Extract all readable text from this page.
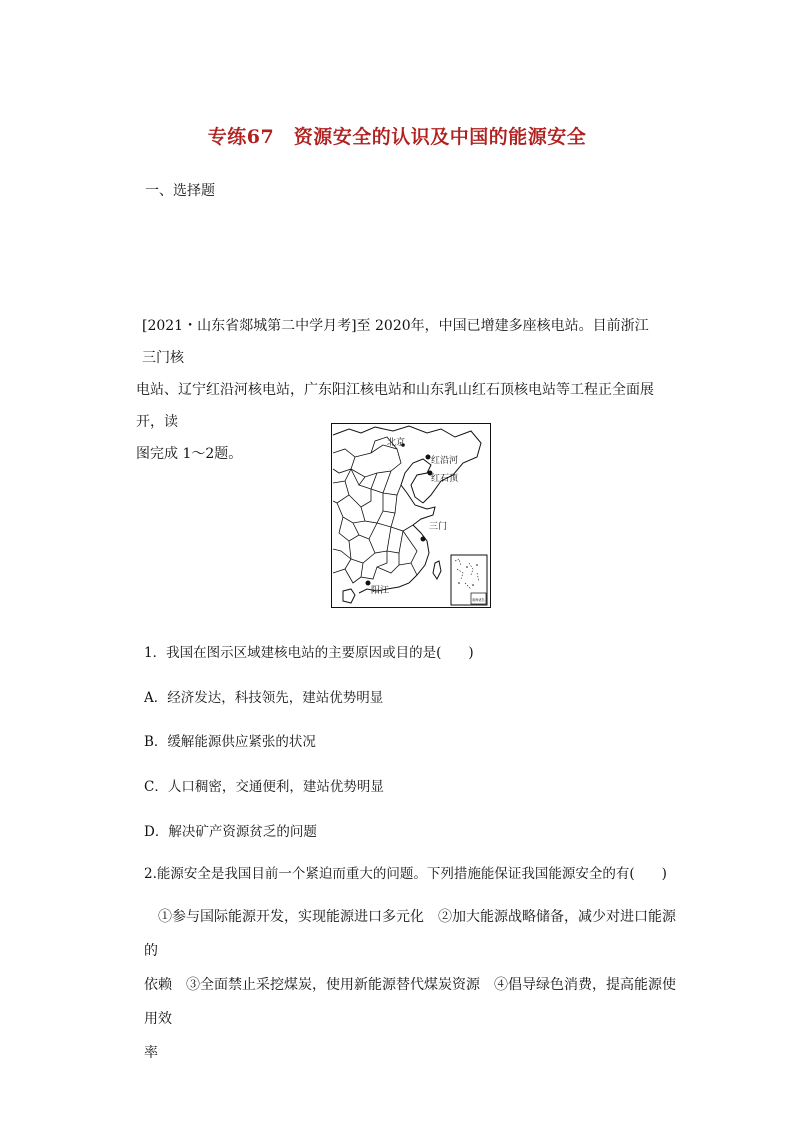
专练67　资源安全的认识及中国的能源安全
一、选择题

[2021・山东省郯城第二中学月考]至 2020年，中国已增建多座核电站。目前浙江三门核

电站、辽宁红沿河核电站，广东阳江核电站和山东乳山红石顶核电站等工程正全面展开，读

图完成 1～2题。

北京
红沿河
红石顶
三门
阳江
南海诸岛
1．我国在图示区域建核电站的主要原因或目的是(　　)
A．经济发达，科技领先，建站优势明显
B．缓解能源供应紧张的状况
C．人口稠密，交通便利，建站优势明显
D．解决矿产资源贫乏的问题
2.能源安全是我国目前一个紧迫而重大的问题。下列措施能保证我国能源安全的有(　　)

①参与国际能源开发，实现能源进口多元化　②加大能源战略储备，减少对进口能源的

依赖　③全面禁止采挖煤炭，使用新能源替代煤炭资源　④倡导绿色消费，提高能源使用效

率
